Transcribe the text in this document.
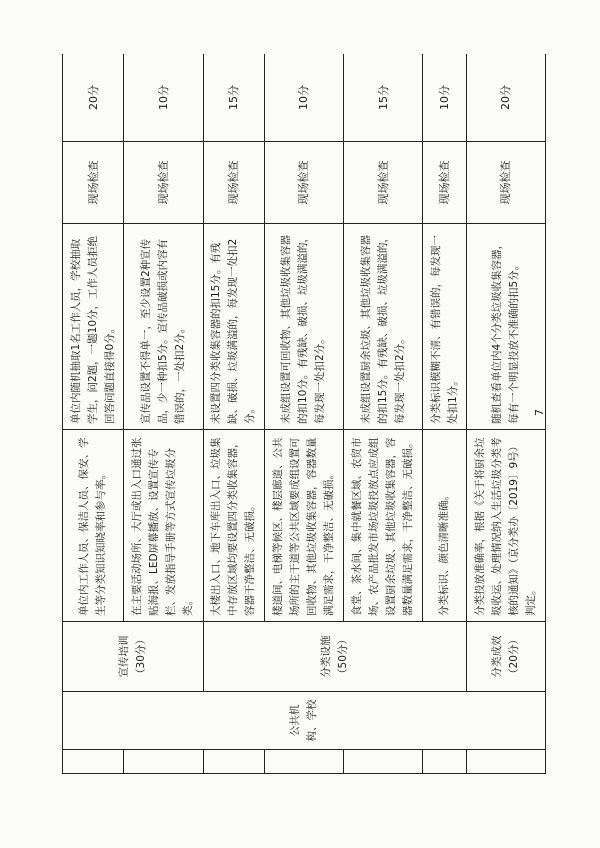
	公共机构、学校	宣传培训（30分）	单位内工作人员、保洁人员、保安、学生等分类知识知晓率和参与率。	单位内随机抽取1名工作人员，学校抽取学生，问2题，一题10分，工作人员拒绝回答问题直接得0分。	现场检查	20分
			在主要活动场所、大厅或出入口通过张贴海报、LED屏幕播放、设置宣传专栏、发放指导手册等方式宣传垃圾分类。	宣传品设置不得单一，至少设置2种宣传品，少一种扣5分。宣传品破损或内容有错误的，一处扣2分。	现场检查	10分
		分类设施（50分）	大楼出入口、地下车库出入口、垃圾集中存放区域均要设置四分类收集容器，容器干净整洁、无破损。	未设置四分类收集容器的扣15分。有残缺、破损、垃圾满溢的，每发现一处扣2分。	现场检查	15分
			楼道间、电梯等候区、楼层廊道、公共场所的主干道等公共区域要成组设置可回收物、其他垃圾收集容器，容器数量满足需求，干净整洁、无破损。	未成组设置可回收物、其他垃圾收集容器的扣10分。有残缺、破损、垃圾满溢的，每发现一处扣2分。	现场检查	10分
			食堂、茶水间、集中就餐区域、农贸市场、农产品批发市场垃圾投放点应成组设置厨余垃圾、其他垃圾收集容器，容器数量满足需求，干净整洁、无破损。	未成组设置厨余垃圾、其他垃圾收集容器的扣15分。有残缺、破损、垃圾满溢的，每发现一处扣2分。	现场检查	15分
			分类标识、颜色清晰准确。	分类标识模糊不清、有错误的，每发现一处扣1分。	现场检查	10分
		分类成效（20分）	分类投放准确率，根据《关于将厨余垃圾收运、处理情况纳入生活垃圾分类考核的通知》（京分类办〔2019〕9号）判定。	随机查看单位内4个分类垃圾收集容器，每有一个明显投放不准确的扣5分。	现场检查	20分
7
